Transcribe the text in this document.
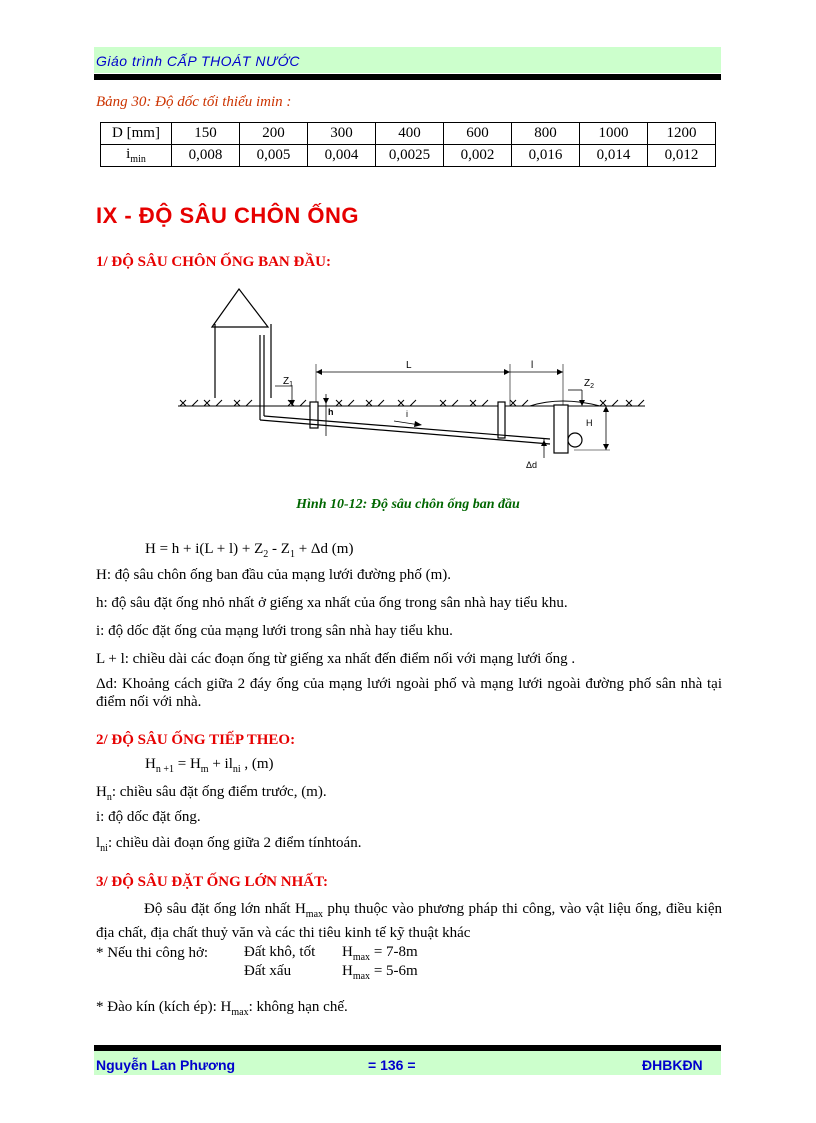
Giáo trình CẤP THOÁT NƯỚC
Bảng 30: Độ dốc tối thiểu imin :
D [mm]	150	200	300	400	600	800	1000	1200
$i_{min}$	0,008	0,005	0,004	0,0025	0,002	0,016	0,014	0,012
IX - ĐỘ SÂU CHÔN ỐNG
1/ ĐỘ SÂU CHÔN ỐNG BAN ĐẦU:
L	l
$Z_1$	$Z_2$
h	i
H
Δd
Hình 10-12: Độ sâu chôn ống ban đầu
$H = h + i(L + l) + Z_2 - Z_1 + \Delta d$ (m)
H: độ sâu chôn ống ban đầu của mạng lưới đường phố (m).
h: độ sâu đặt ống nhỏ nhất ở giếng xa nhất của ống trong sân nhà hay tiểu khu.
i: độ dốc đặt ống của mạng lưới trong sân nhà hay tiểu khu.
L + l: chiều dài các đoạn ống từ giếng xa nhất đến điểm nối với mạng lưới ống .
Δd: Khoảng cách giữa 2 đáy ống của mạng lưới ngoài phố và mạng lưới ngoài đường phố sân nhà tại điểm nối với nhà.
2/ ĐỘ SÂU ỐNG TIẾP THEO:
$H_{n +1} = H_m + il_{ni}$ , (m)
$H_n$: chiều sâu đặt ống điểm trước, (m).
i: độ dốc đặt ống.
$l_{ni}$: chiều dài đoạn ống giữa 2 điểm tínhtoán.
3/ ĐỘ SÂU ĐẶT ỐNG LỚN NHẤT:
Độ sâu đặt ống lớn nhất $H_{max}$ phụ thuộc vào phương pháp thi công, vào vật liệu ống, điều kiện địa chất, địa chất thuỷ văn và các thi tiêu kinh tế kỹ thuật khác
* Nếu thi công hở:	Đất khô, tốt $H_{max} = 7-8m$
Đất xấu	$H_{max} = 5-6m$
* Đào kín (kích ép): $H_{max}$: không hạn chế.
Nguyễn Lan Phương	= 136 =	ĐHBKĐN
